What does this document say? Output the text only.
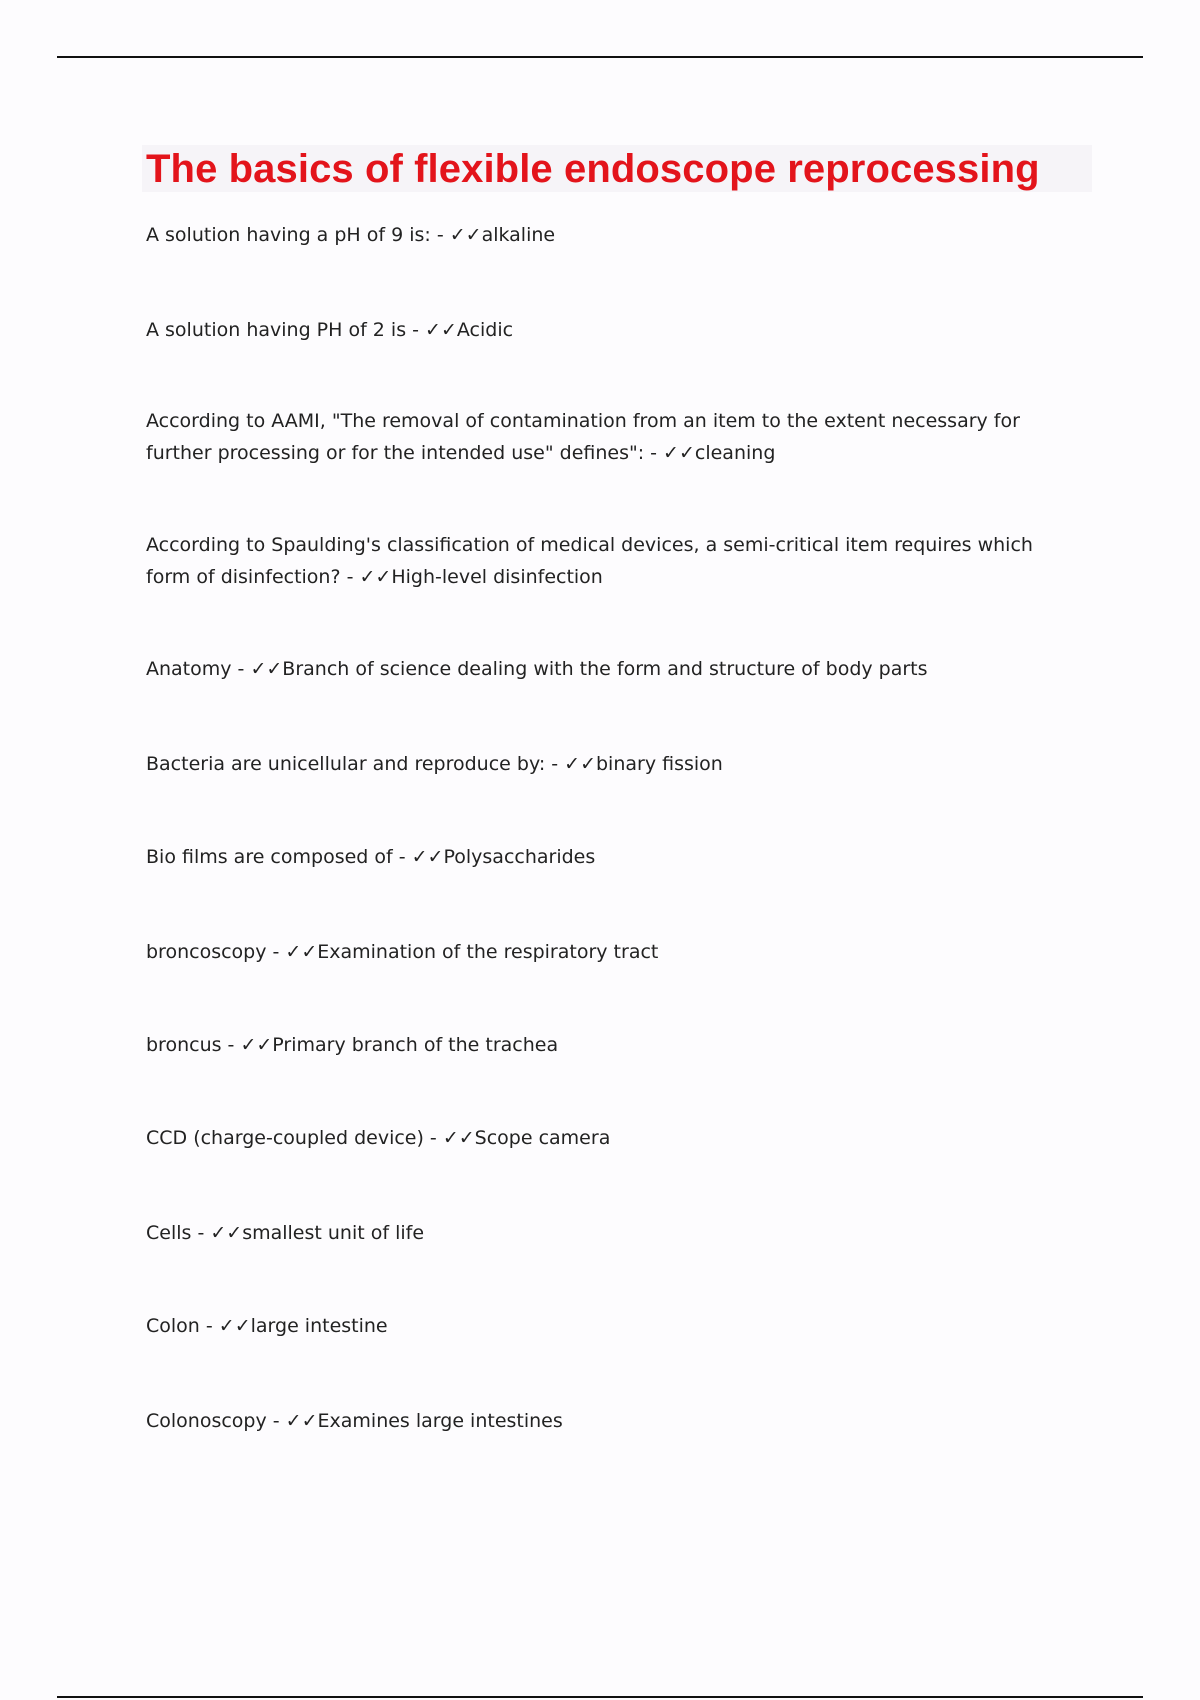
The basics of flexible endoscope reprocessing

A solution having a pH of 9 is: - ✓✓alkaline

A solution having PH of 2 is - ✓✓Acidic

According to AAMI, "The removal of contamination from an item to the extent necessary for further processing or for the intended use" defines": - ✓✓cleaning

According to Spaulding's classification of medical devices, a semi-critical item requires which form of disinfection? - ✓✓High-level disinfection

Anatomy - ✓✓Branch of science dealing with the form and structure of body parts

Bacteria are unicellular and reproduce by: - ✓✓binary fission

Bio films are composed of - ✓✓Polysaccharides

broncoscopy - ✓✓Examination of the respiratory tract

broncus - ✓✓Primary branch of the trachea

CCD (charge-coupled device) - ✓✓Scope camera

Cells - ✓✓smallest unit of life

Colon - ✓✓large intestine

Colonoscopy - ✓✓Examines large intestines
